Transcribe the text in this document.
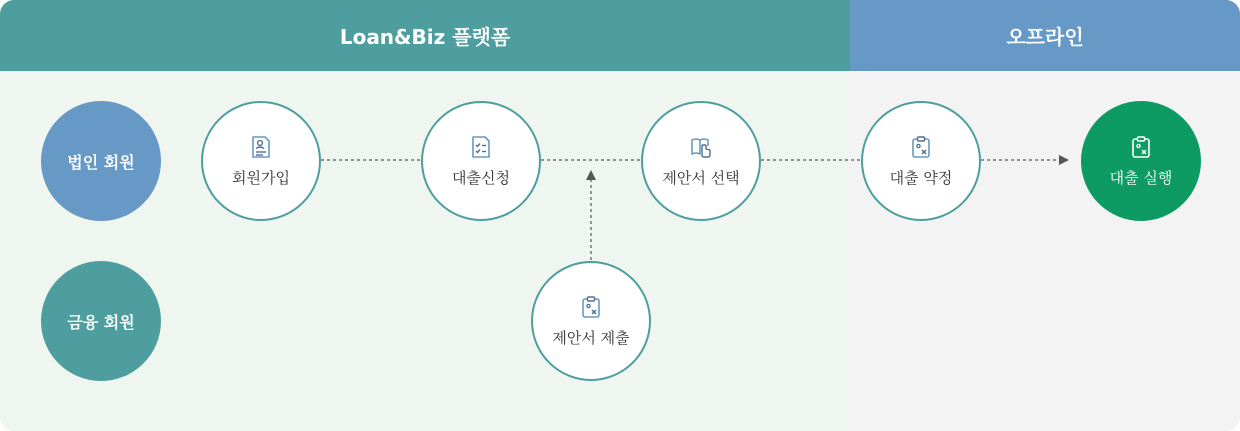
Loan&Biz 플랫폼	오프라인
법인 회원
금융 회원
회원가입	대출신청	제안서 선택	대출 약정	대출 실행
제안서 제출
